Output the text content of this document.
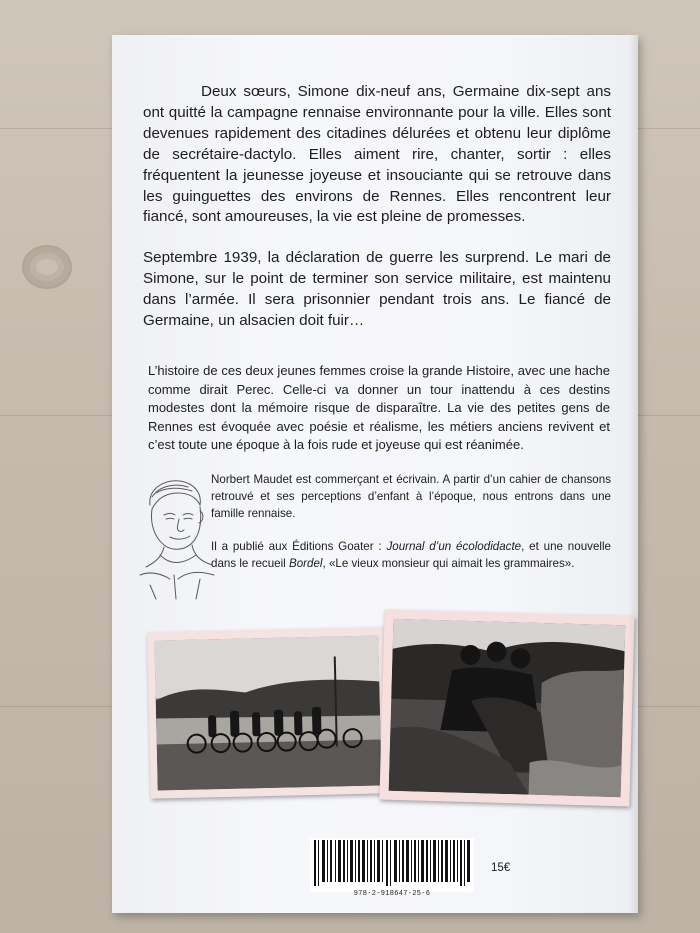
Deux sœurs, Simone dix-neuf ans, Germaine dix-sept ans ont quitté la campagne rennaise environnante pour la ville. Elles sont devenues rapidement des citadines délurées et obtenu leur diplôme de secrétaire-dactylo. Elles aiment rire, chanter, sortir : elles fréquentent la jeunesse joyeuse et insouciante qui se retrouve dans les guinguettes des environs de Rennes. Elles rencontrent leur fiancé, sont amoureuses, la vie est pleine de promesses.

Septembre 1939, la déclaration de guerre les surprend. Le mari de Simone, sur le point de terminer son service militaire, est maintenu dans l’armée. Il sera prisonnier pendant trois ans. Le fiancé de Germaine, un alsacien doit fuir…

L’histoire de ces deux jeunes femmes croise la grande Histoire, avec une hache comme dirait Perec. Celle-ci va donner un tour inattendu à ces destins modestes dont la mémoire risque de disparaître. La vie des petites gens de Rennes est évoquée avec poésie et réalisme, les métiers anciens revivent et c’est toute une époque à la fois rude et joyeuse qui est réanimée.

Norbert Maudet est commerçant et écrivain. A partir d’un cahier de chansons retrouvé et ses perceptions d’enfant à l’époque, nous entrons dans une famille rennaise.

Il a publié aux Éditions Goater : Journal d’un écolodidacte, et une nouvelle dans le recueil Bordel, «Le vieux monsieur qui aimait les grammaires».

978-2-918647-25-6
15€
